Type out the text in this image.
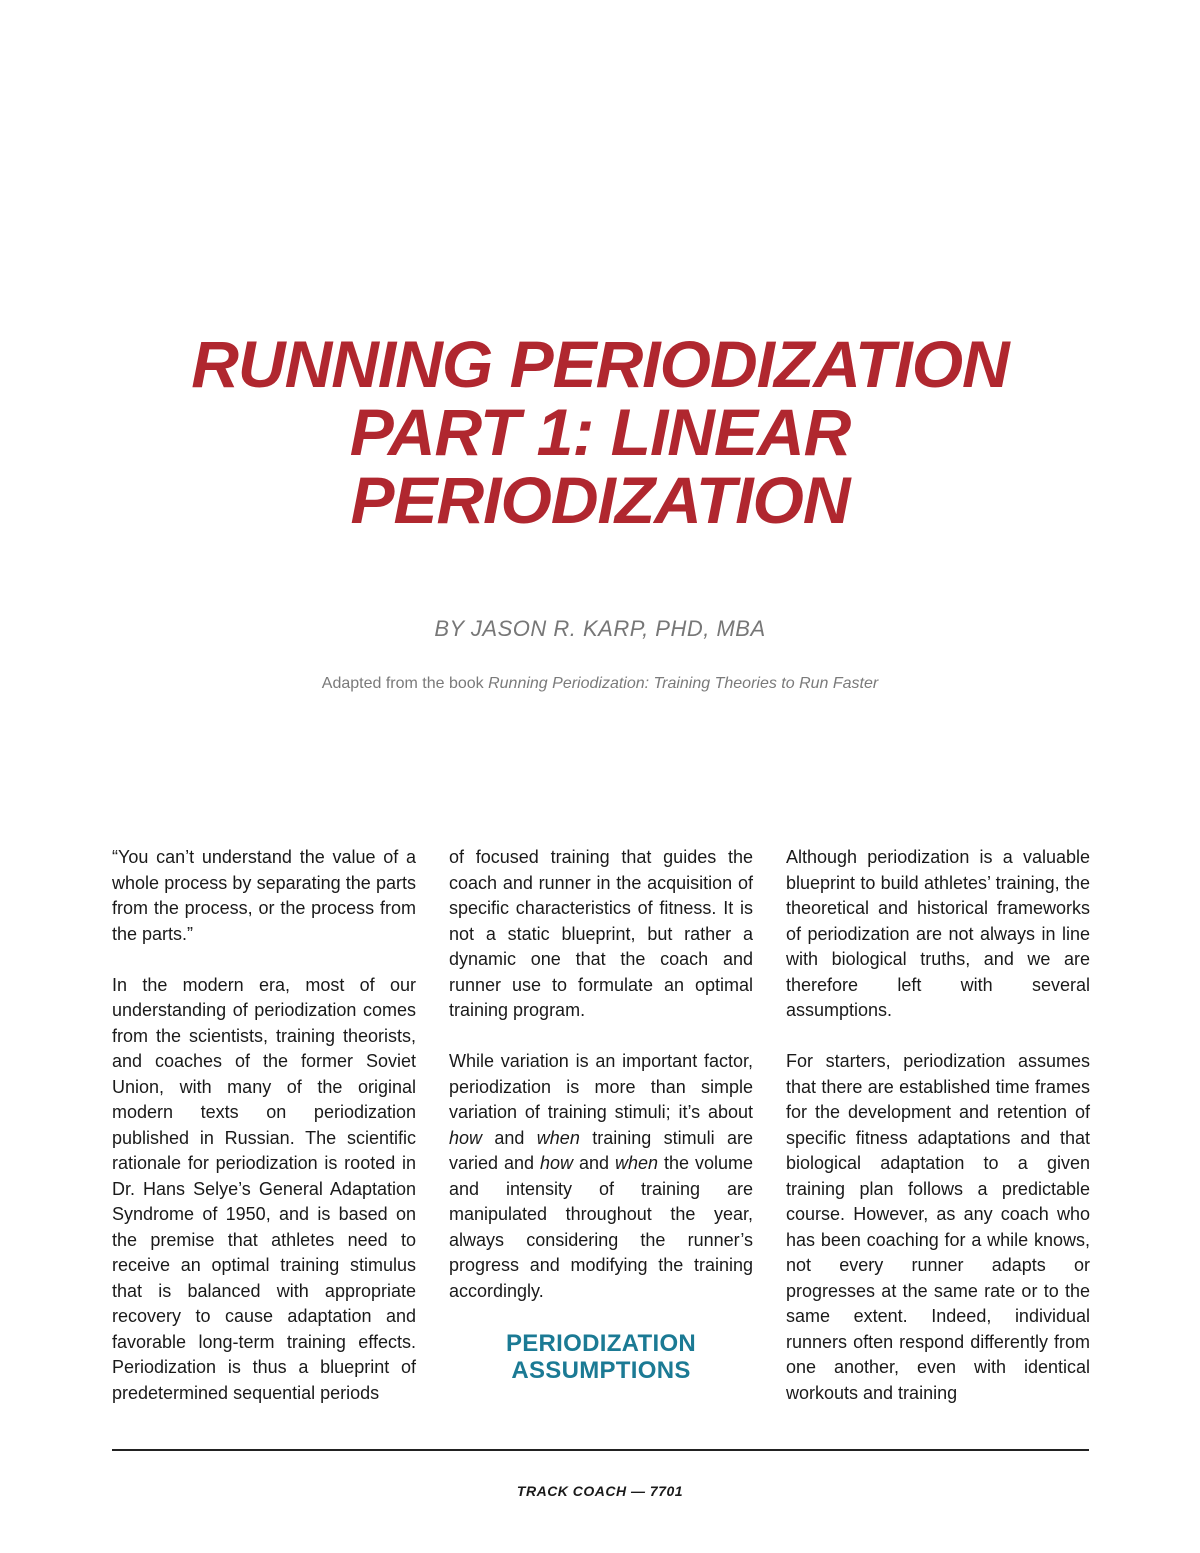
RUNNING PERIODIZATION
PART 1: LINEAR
PERIODIZATION
BY JASON R. KARP, PHD, MBA
Adapted from the book Running Periodization: Training Theories to Run Faster

“You can’t understand the value of a whole process by separating the parts from the process, or the process from the parts.”

In the modern era, most of our understanding of periodization comes from the scientists, training theorists, and coaches of the former Soviet Union, with many of the original modern texts on periodization published in Russian. The scientific rationale for periodization is rooted in Dr. Hans Selye’s General Adaptation Syndrome of 1950, and is based on the premise that athletes need to receive an optimal training stimulus that is balanced with appropriate recovery to cause adaptation and favorable long-term training effects. Periodization is thus a blueprint of predetermined sequential periods

of focused training that guides the coach and runner in the acquisition of specific characteristics of fitness. It is not a static blueprint, but rather a dynamic one that the coach and runner use to formulate an optimal training program.

While variation is an important factor, periodization is more than simple variation of training stimuli; it’s about how and when training stimuli are varied and how and when the volume and intensity of training are manipulated throughout the year, always considering the runner’s progress and modifying the training accordingly.

PERIODIZATION
ASSUMPTIONS

Although periodization is a valuable blueprint to build athletes’ training, the theoretical and historical frameworks of periodization are not always in line with biological truths, and we are therefore left with several assumptions.

For starters, periodization assumes that there are established time frames for the development and retention of specific fitness adaptations and that biological adaptation to a given training plan follows a predictable course. However, as any coach who has been coaching for a while knows, not every runner adapts or progresses at the same rate or to the same extent. Indeed, individual runners often respond differently from one another, even with identical workouts and training

TRACK COACH — 7701
